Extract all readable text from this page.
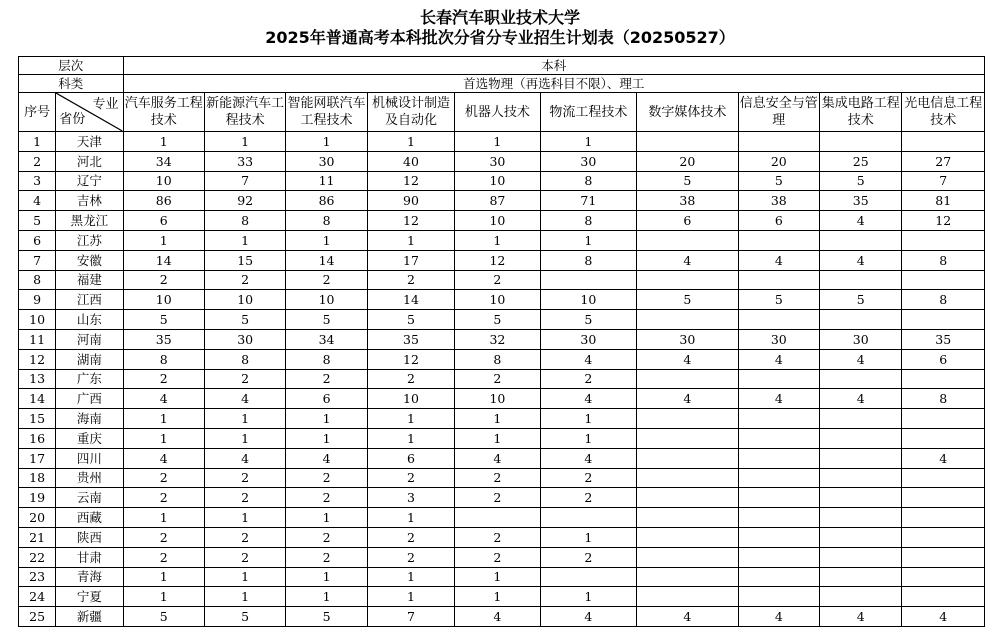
长春汽车职业技术大学
2025年普通高考本科批次分省分专业招生计划表（20250527）
层次		本科									
科类		首选物理（再选科目不限）、理工									
序号	专业
省份	汽车服务工程技术	新能源汽车工程技术	智能网联汽车工程技术	机械设计制造及自动化	机器人技术	物流工程技术	数字媒体技术	信息安全与管理	集成电路工程技术	光电信息工程技术
1	天津	1	1	1	1	1	1				
2	河北	34	33	30	40	30	30	20	20	25	27
3	辽宁	10	7	11	12	10	8	5	5	5	7
4	吉林	86	92	86	90	87	71	38	38	35	81
5	黑龙江	6	8	8	12	10	8	6	6	4	12
6	江苏	1	1	1	1	1	1				
7	安徽	14	15	14	17	12	8	4	4	4	8
8	福建	2	2	2	2	2					
9	江西	10	10	10	14	10	10	5	5	5	8
10	山东	5	5	5	5	5	5				
11	河南	35	30	34	35	32	30	30	30	30	35
12	湖南	8	8	8	12	8	4	4	4	4	6
13	广东	2	2	2	2	2	2				
14	广西	4	4	6	10	10	4	4	4	4	8
15	海南	1	1	1	1	1	1				
16	重庆	1	1	1	1	1	1				
17	四川	4	4	4	6	4	4				4
18	贵州	2	2	2	2	2	2				
19	云南	2	2	2	3	2	2				
20	西藏	1	1	1	1						
21	陕西	2	2	2	2	2	1				
22	甘肃	2	2	2	2	2	2				
23	青海	1	1	1	1	1					
24	宁夏	1	1	1	1	1	1				
25	新疆	5	5	5	7	4	4	4	4	4	4
